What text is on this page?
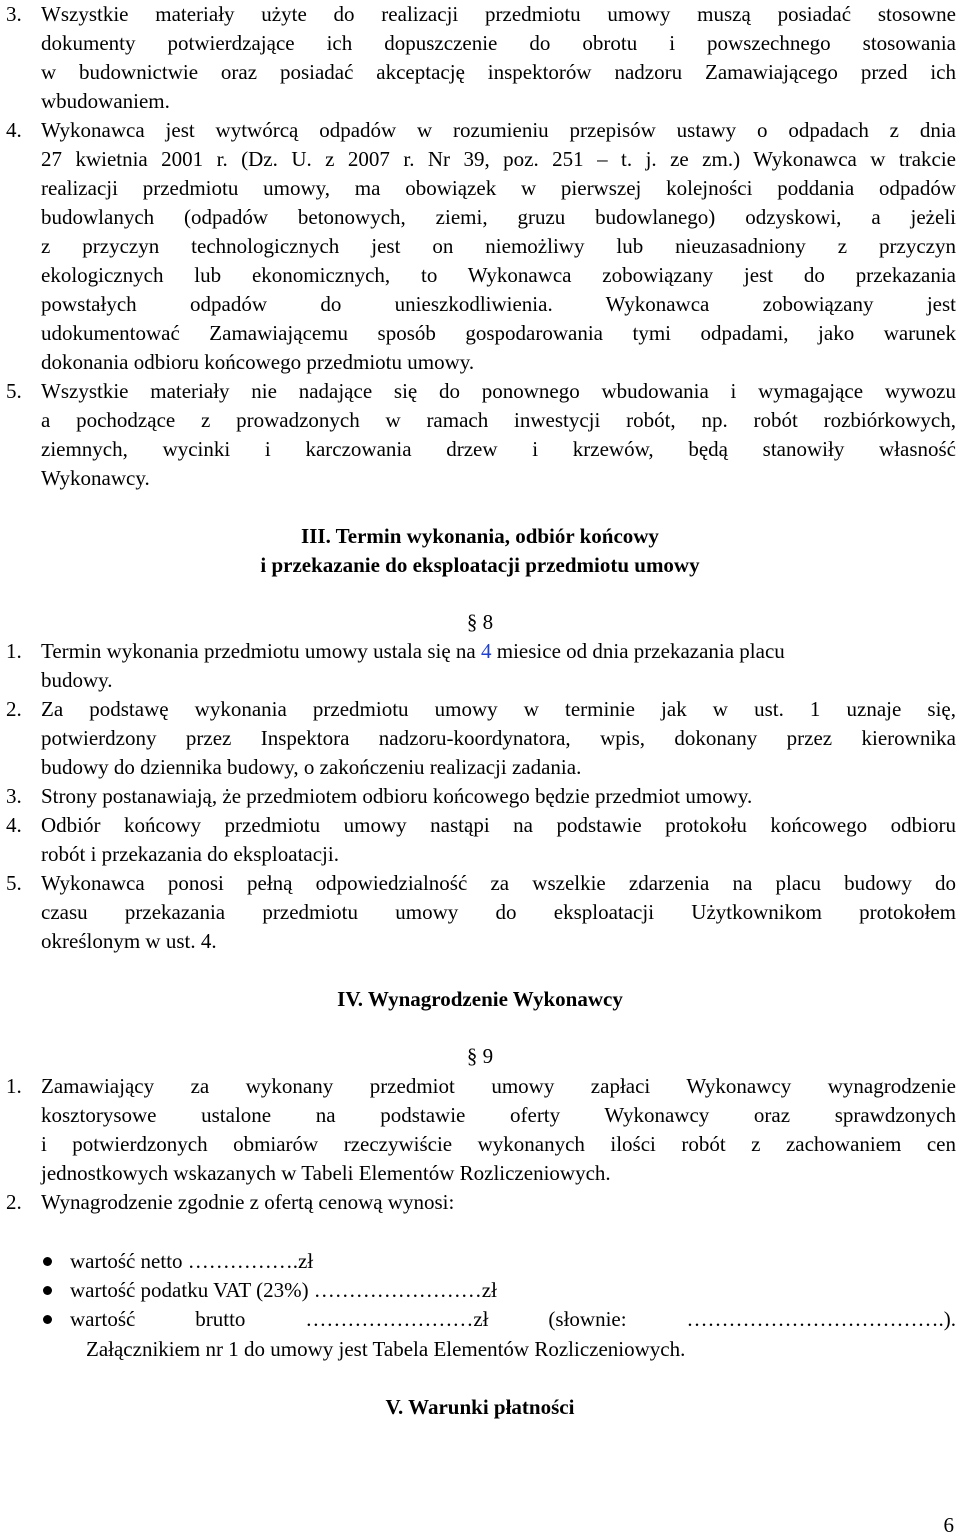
3. Wszystkie materiały użyte do realizacji przedmiotu umowy muszą posiadać stosowne
dokumenty potwierdzające ich dopuszczenie do obrotu i powszechnego stosowania
w budownictwie oraz posiadać akceptację inspektorów nadzoru Zamawiającego przed ich
wbudowaniem.
4. Wykonawca jest wytwórcą odpadów w rozumieniu przepisów ustawy o odpadach z dnia
27 kwietnia 2001 r. (Dz. U. z 2007 r. Nr 39, poz. 251 – t. j. ze zm.) Wykonawca w trakcie
realizacji przedmiotu umowy, ma obowiązek w pierwszej kolejności poddania odpadów
budowlanych (odpadów betonowych, ziemi, gruzu budowlanego) odzyskowi, a jeżeli
z przyczyn technologicznych jest on niemożliwy lub nieuzasadniony z przyczyn
ekologicznych lub ekonomicznych, to Wykonawca zobowiązany jest do przekazania
powstałych odpadów do unieszkodliwienia. Wykonawca zobowiązany jest
udokumentować Zamawiającemu sposób gospodarowania tymi odpadami, jako warunek
dokonania odbioru końcowego przedmiotu umowy.
5. Wszystkie materiały nie nadające się do ponownego wbudowania i wymagające wywozu
a pochodzące z prowadzonych w ramach inwestycji robót, np. robót rozbiórkowych,
ziemnych, wycinki i karczowania drzew i krzewów, będą stanowiły własność
Wykonawcy.
III. Termin wykonania, odbiór końcowy
i przekazanie do eksploatacji przedmiotu umowy
§ 8
1. Termin wykonania przedmiotu umowy ustala się na 4 miesice od dnia przekazania placu
budowy.
2. Za podstawę wykonania przedmiotu umowy w terminie jak w ust. 1 uznaje się,
potwierdzony przez Inspektora nadzoru-koordynatora, wpis, dokonany przez kierownika
budowy do dziennika budowy, o zakończeniu realizacji zadania.
3. Strony postanawiają, że przedmiotem odbioru końcowego będzie przedmiot umowy.
4. Odbiór końcowy przedmiotu umowy nastąpi na podstawie protokołu końcowego odbioru
robót i przekazania do eksploatacji.
5. Wykonawca ponosi pełną odpowiedzialność za wszelkie zdarzenia na placu budowy do
czasu przekazania przedmiotu umowy do eksploatacji Użytkownikom protokołem
określonym w ust. 4.
IV. Wynagrodzenie Wykonawcy
§ 9
1. Zamawiający za wykonany przedmiot umowy zapłaci Wykonawcy wynagrodzenie
kosztorysowe ustalone na podstawie oferty Wykonawcy oraz sprawdzonych
i potwierdzonych obmiarów rzeczywiście wykonanych ilości robót z zachowaniem cen
jednostkowych wskazanych w Tabeli Elementów Rozliczeniowych.
2. Wynagrodzenie zgodnie z ofertą cenową wynosi:
wartość netto …………….zł
wartość podatku VAT (23%) ……………………zł
wartość brutto ……………………zł (słownie: ……………………………….).
Załącznikiem nr 1 do umowy jest Tabela Elementów Rozliczeniowych.
V. Warunki płatności
6
